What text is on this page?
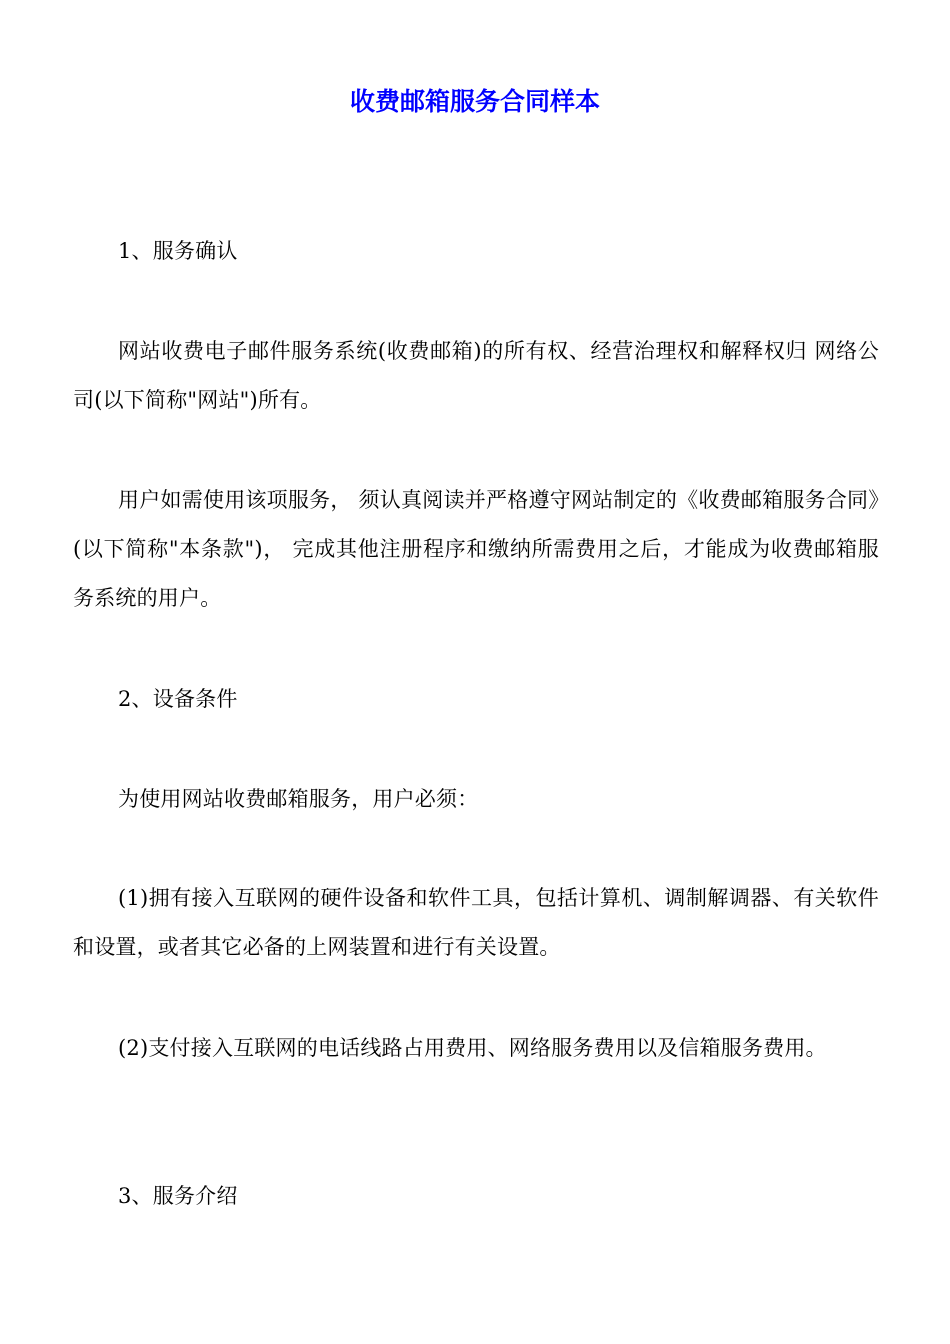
收费邮箱服务合同样本

1、服务确认

网站收费电子邮件服务系统(收费邮箱)的所有权、经营治理权和解释权归 网络公司(以下简称"网站")所有。

用户如需使用该项服务， 须认真阅读并严格遵守网站制定的《收费邮箱服务合同》(以下简称"本条款")， 完成其他注册程序和缴纳所需费用之后，才能成为收费邮箱服务系统的用户。

2、设备条件

为使用网站收费邮箱服务，用户必须：

(1)拥有接入互联网的硬件设备和软件工具，包括计算机、调制解调器、有关软件和设置，或者其它必备的上网装置和进行有关设置。

(2)支付接入互联网的电话线路占用费用、网络服务费用以及信箱服务费用。

3、服务介绍
